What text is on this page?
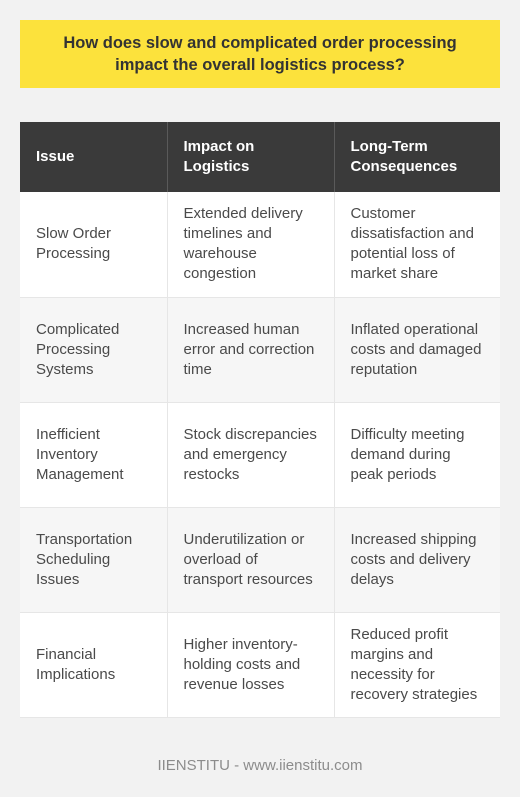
How does slow and complicated order processing impact the overall logistics process?
Issue	Impact on Logistics	Long-Term Consequences
Slow Order Processing	Extended delivery timelines and warehouse congestion	Customer dissatisfaction and potential loss of market share
Complicated Processing Systems	Increased human error and correction time	Inflated operational costs and damaged reputation
Inefficient Inventory Management	Stock discrepancies and emergency restocks	Difficulty meeting demand during peak periods
Transportation Scheduling Issues	Underutilization or overload of transport resources	Increased shipping costs and delivery delays
Financial Implications	Higher inventory-holding costs and revenue losses	Reduced profit margins and necessity for recovery strategies
IIENSTITU - www.iienstitu.com
